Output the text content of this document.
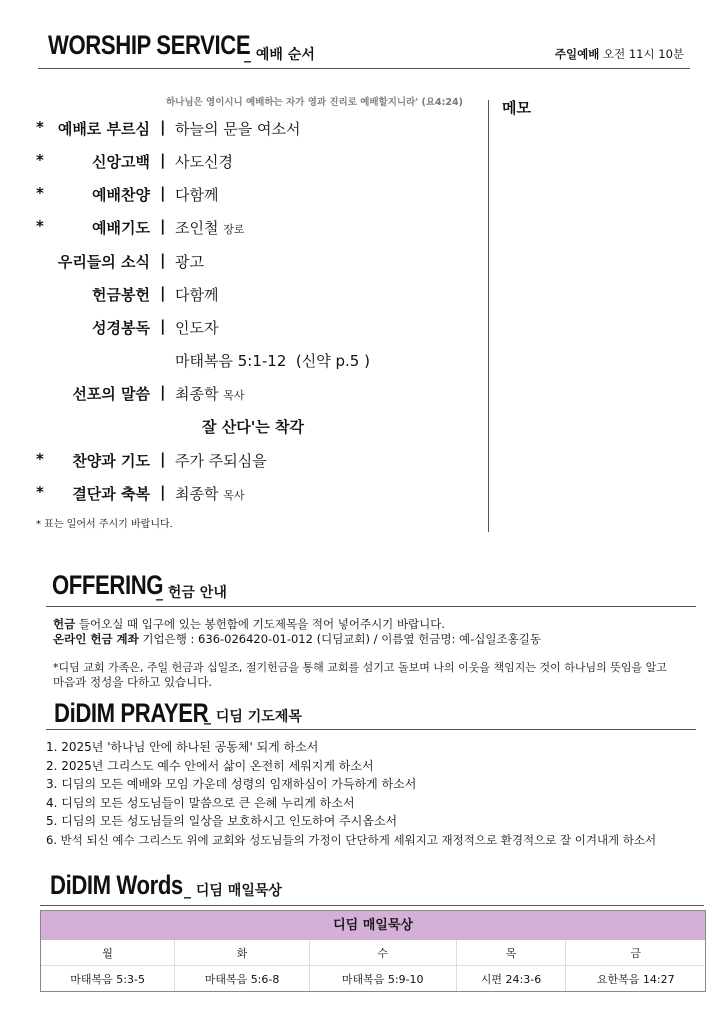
WORSHIP SERVICE
_ 예배 순서	주일예배 오전 11시 10분
하나님은 영이시니 예배하는 자가 영과 진리로 예배할지니라' (요4:24)	메모
* 예배로 부르심 | 하늘의 문을 여소서
*	신앙고백 | 사도신경
*	예배찬양 | 다함께
*	예배기도 | 조인철 장로
우리들의 소식 | 광고
헌금봉헌 | 다함께
성경봉독 | 인도자
마태복음 5:1-12  (신약 p.5 )
선포의 말씀 | 최종학 목사
잘 산다'는 착각
* 찬양과 기도 | 주가 주되심을
* 결단과 축복 | 최종학 목사
* 표는 일어서 주시기 바랍니다.
OFFERING
_ 헌금 안내
헌금 들어오실 때 입구에 있는 봉헌함에 기도제목을 적어 넣어주시기 바랍니다.
온라인 헌금 계좌 기업은행 : 636-026420-01-012 (디딤교회) / 이름옆 헌금명: 예-십일조홍길동
*디딤 교회 가족은, 주일 헌금과 십일조, 절기헌금을 통해 교회를 섬기고 돌보며 나의 이웃을 책임지는 것이 하나님의 뜻임을 알고
마음과 정성을 다하고 있습니다.
DiDIM PRAYER
_ 디딤 기도제목
1. 2025년 '하나님 안에 하나된 공동체' 되게 하소서
2. 2025년 그리스도 예수 안에서 삶이 온전히 세워지게 하소서
3. 디딤의 모든 예배와 모임 가운데 성령의 임재하심이 가득하게 하소서
4. 디딤의 모든 성도님들이 말씀으로 큰 은혜 누리게 하소서
5. 디딤의 모든 성도님들의 일상을 보호하시고 인도하여 주시옵소서
6. 반석 되신 예수 그리스도 위에 교회와 성도님들의 가정이 단단하게 세워지고 재정적으로 환경적으로 잘 이겨내게 하소서
DiDIM Words _ 디딤 매일묵상
디딤 매일묵상
월	화	수	목	금
마태복음 5:3-5	마태복음 5:6-8	마태복음 5:9-10	시편 24:3-6	요한복음 14:27
